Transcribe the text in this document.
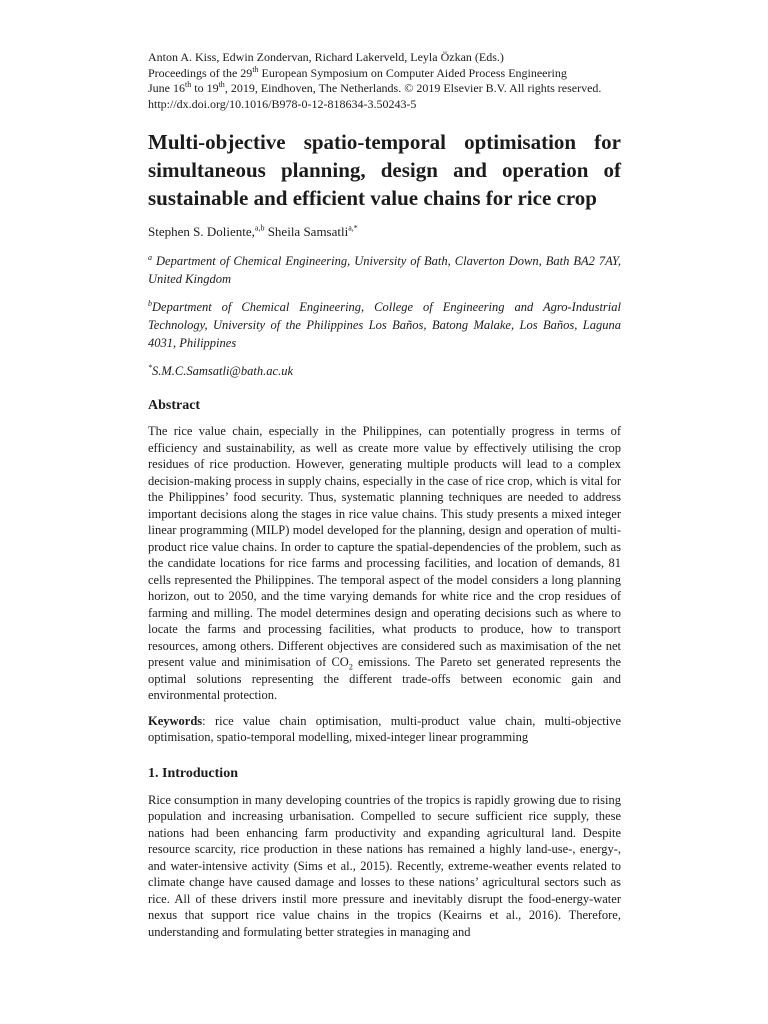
Anton A. Kiss, Edwin Zondervan, Richard Lakerveld, Leyla Özkan (Eds.)
Proceedings of the 29th European Symposium on Computer Aided Process Engineering
June 16th to 19th, 2019, Eindhoven, The Netherlands. © 2019 Elsevier B.V. All rights reserved.
http://dx.doi.org/10.1016/B978-0-12-818634-3.50243-5
Multi-objective spatio-temporal optimisation for simultaneous planning, design and operation of sustainable and efficient value chains for rice crop
Stephen S. Doliente,$^{a,b}$ Sheila Samsatli$^{a,*}$
$^a$ Department of Chemical Engineering, University of Bath, Claverton Down, Bath BA2 7AY, United Kingdom
$^b$Department of Chemical Engineering, College of Engineering and Agro-Industrial Technology, University of the Philippines Los Baños, Batong Malake, Los Baños, Laguna 4031, Philippines
*S.M.C.Samsatli@bath.ac.uk
Abstract
The rice value chain, especially in the Philippines, can potentially progress in terms of efficiency and sustainability, as well as create more value by effectively utilising the crop residues of rice production. However, generating multiple products will lead to a complex decision-making process in supply chains, especially in the case of rice crop, which is vital for the Philippines’ food security. Thus, systematic planning techniques are needed to address important decisions along the stages in rice value chains. This study presents a mixed integer linear programming (MILP) model developed for the planning, design and operation of multi-product rice value chains. In order to capture the spatial-dependencies of the problem, such as the candidate locations for rice farms and processing facilities, and location of demands, 81 cells represented the Philippines. The temporal aspect of the model considers a long planning horizon, out to 2050, and the time varying demands for white rice and the crop residues of farming and milling. The model determines design and operating decisions such as where to locate the farms and processing facilities, what products to produce, how to transport resources, among others. Different objectives are considered such as maximisation of the net present value and minimisation of $CO_2$ emissions. The Pareto set generated represents the optimal solutions representing the different trade-offs between economic gain and environmental protection.
Keywords: rice value chain optimisation, multi-product value chain, multi-objective optimisation, spatio-temporal modelling, mixed-integer linear programming
1. Introduction
Rice consumption in many developing countries of the tropics is rapidly growing due to rising population and increasing urbanisation. Compelled to secure sufficient rice supply, these nations had been enhancing farm productivity and expanding agricultural land. Despite resource scarcity, rice production in these nations has remained a highly land-use-, energy-, and water-intensive activity (Sims et al., 2015). Recently, extreme-weather events related to climate change have caused damage and losses to these nations’ agricultural sectors such as rice. All of these drivers instil more pressure and inevitably disrupt the food-energy-water nexus that support rice value chains in the tropics (Keairns et al., 2016). Therefore, understanding and formulating better strategies in managing and
